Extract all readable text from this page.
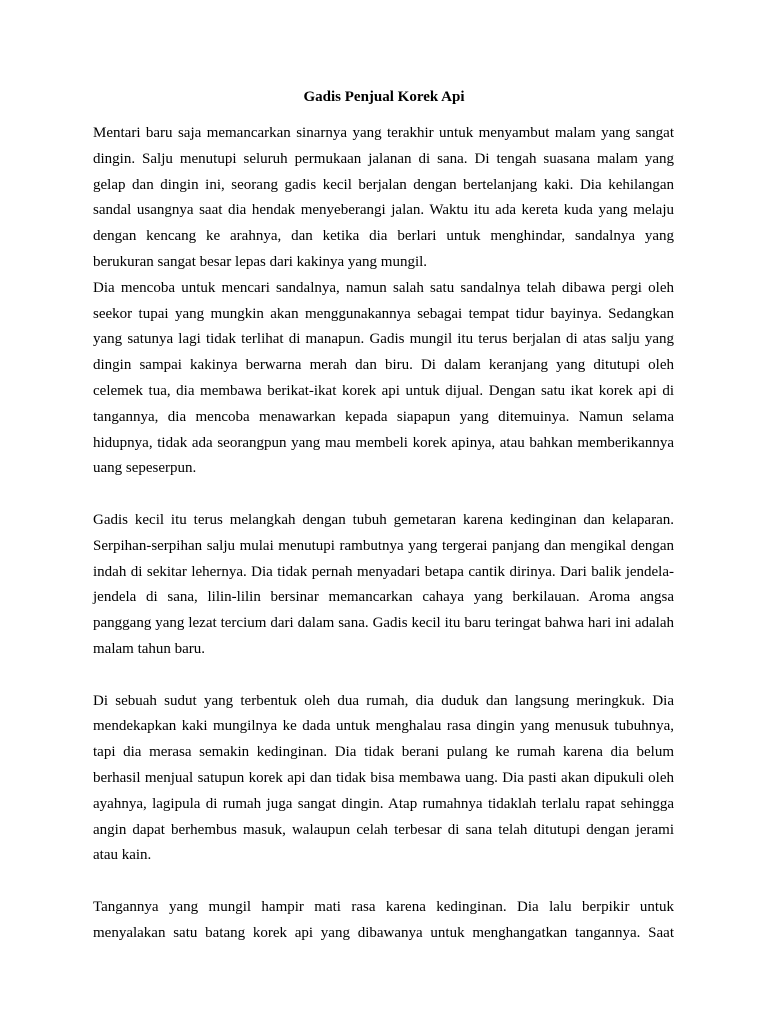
Gadis Penjual Korek Api
Mentari baru saja memancarkan sinarnya yang terakhir untuk menyambut malam yang sangat
dingin. Salju menutupi seluruh permukaan jalanan di sana. Di tengah suasana malam yang
gelap dan dingin ini, seorang gadis kecil berjalan dengan bertelanjang kaki. Dia kehilangan
sandal usangnya saat dia hendak menyeberangi jalan. Waktu itu ada kereta kuda yang melaju
dengan kencang ke arahnya, dan ketika dia berlari untuk menghindar, sandalnya yang
berukuran sangat besar lepas dari kakinya yang mungil.
Dia mencoba untuk mencari sandalnya, namun salah satu sandalnya telah dibawa pergi oleh
seekor tupai yang mungkin akan menggunakannya sebagai tempat tidur bayinya. Sedangkan
yang satunya lagi tidak terlihat di manapun. Gadis mungil itu terus berjalan di atas salju yang
dingin sampai kakinya berwarna merah dan biru. Di dalam keranjang yang ditutupi oleh
celemek tua, dia membawa berikat-ikat korek api untuk dijual. Dengan satu ikat korek api di
tangannya, dia mencoba menawarkan kepada siapapun yang ditemuinya. Namun selama
hidupnya, tidak ada seorangpun yang mau membeli korek apinya, atau bahkan memberikannya
uang sepeserpun.
Gadis kecil itu terus melangkah dengan tubuh gemetaran karena kedinginan dan kelaparan.
Serpihan-serpihan salju mulai menutupi rambutnya yang tergerai panjang dan mengikal dengan
indah di sekitar lehernya. Dia tidak pernah menyadari betapa cantik dirinya. Dari balik jendela-
jendela di sana, lilin-lilin bersinar memancarkan cahaya yang berkilauan. Aroma angsa
panggang yang lezat tercium dari dalam sana. Gadis kecil itu baru teringat bahwa hari ini adalah
malam tahun baru.
Di sebuah sudut yang terbentuk oleh dua rumah, dia duduk dan langsung meringkuk. Dia
mendekapkan kaki mungilnya ke dada untuk menghalau rasa dingin yang menusuk tubuhnya,
tapi dia merasa semakin kedinginan. Dia tidak berani pulang ke rumah karena dia belum
berhasil menjual satupun korek api dan tidak bisa membawa uang. Dia pasti akan dipukuli oleh
ayahnya, lagipula di rumah juga sangat dingin. Atap rumahnya tidaklah terlalu rapat sehingga
angin dapat berhembus masuk, walaupun celah terbesar di sana telah ditutupi dengan jerami
atau kain.
Tangannya yang mungil hampir mati rasa karena kedinginan. Dia lalu berpikir untuk
menyalakan satu batang korek api yang dibawanya untuk menghangatkan tangannya. Saat
